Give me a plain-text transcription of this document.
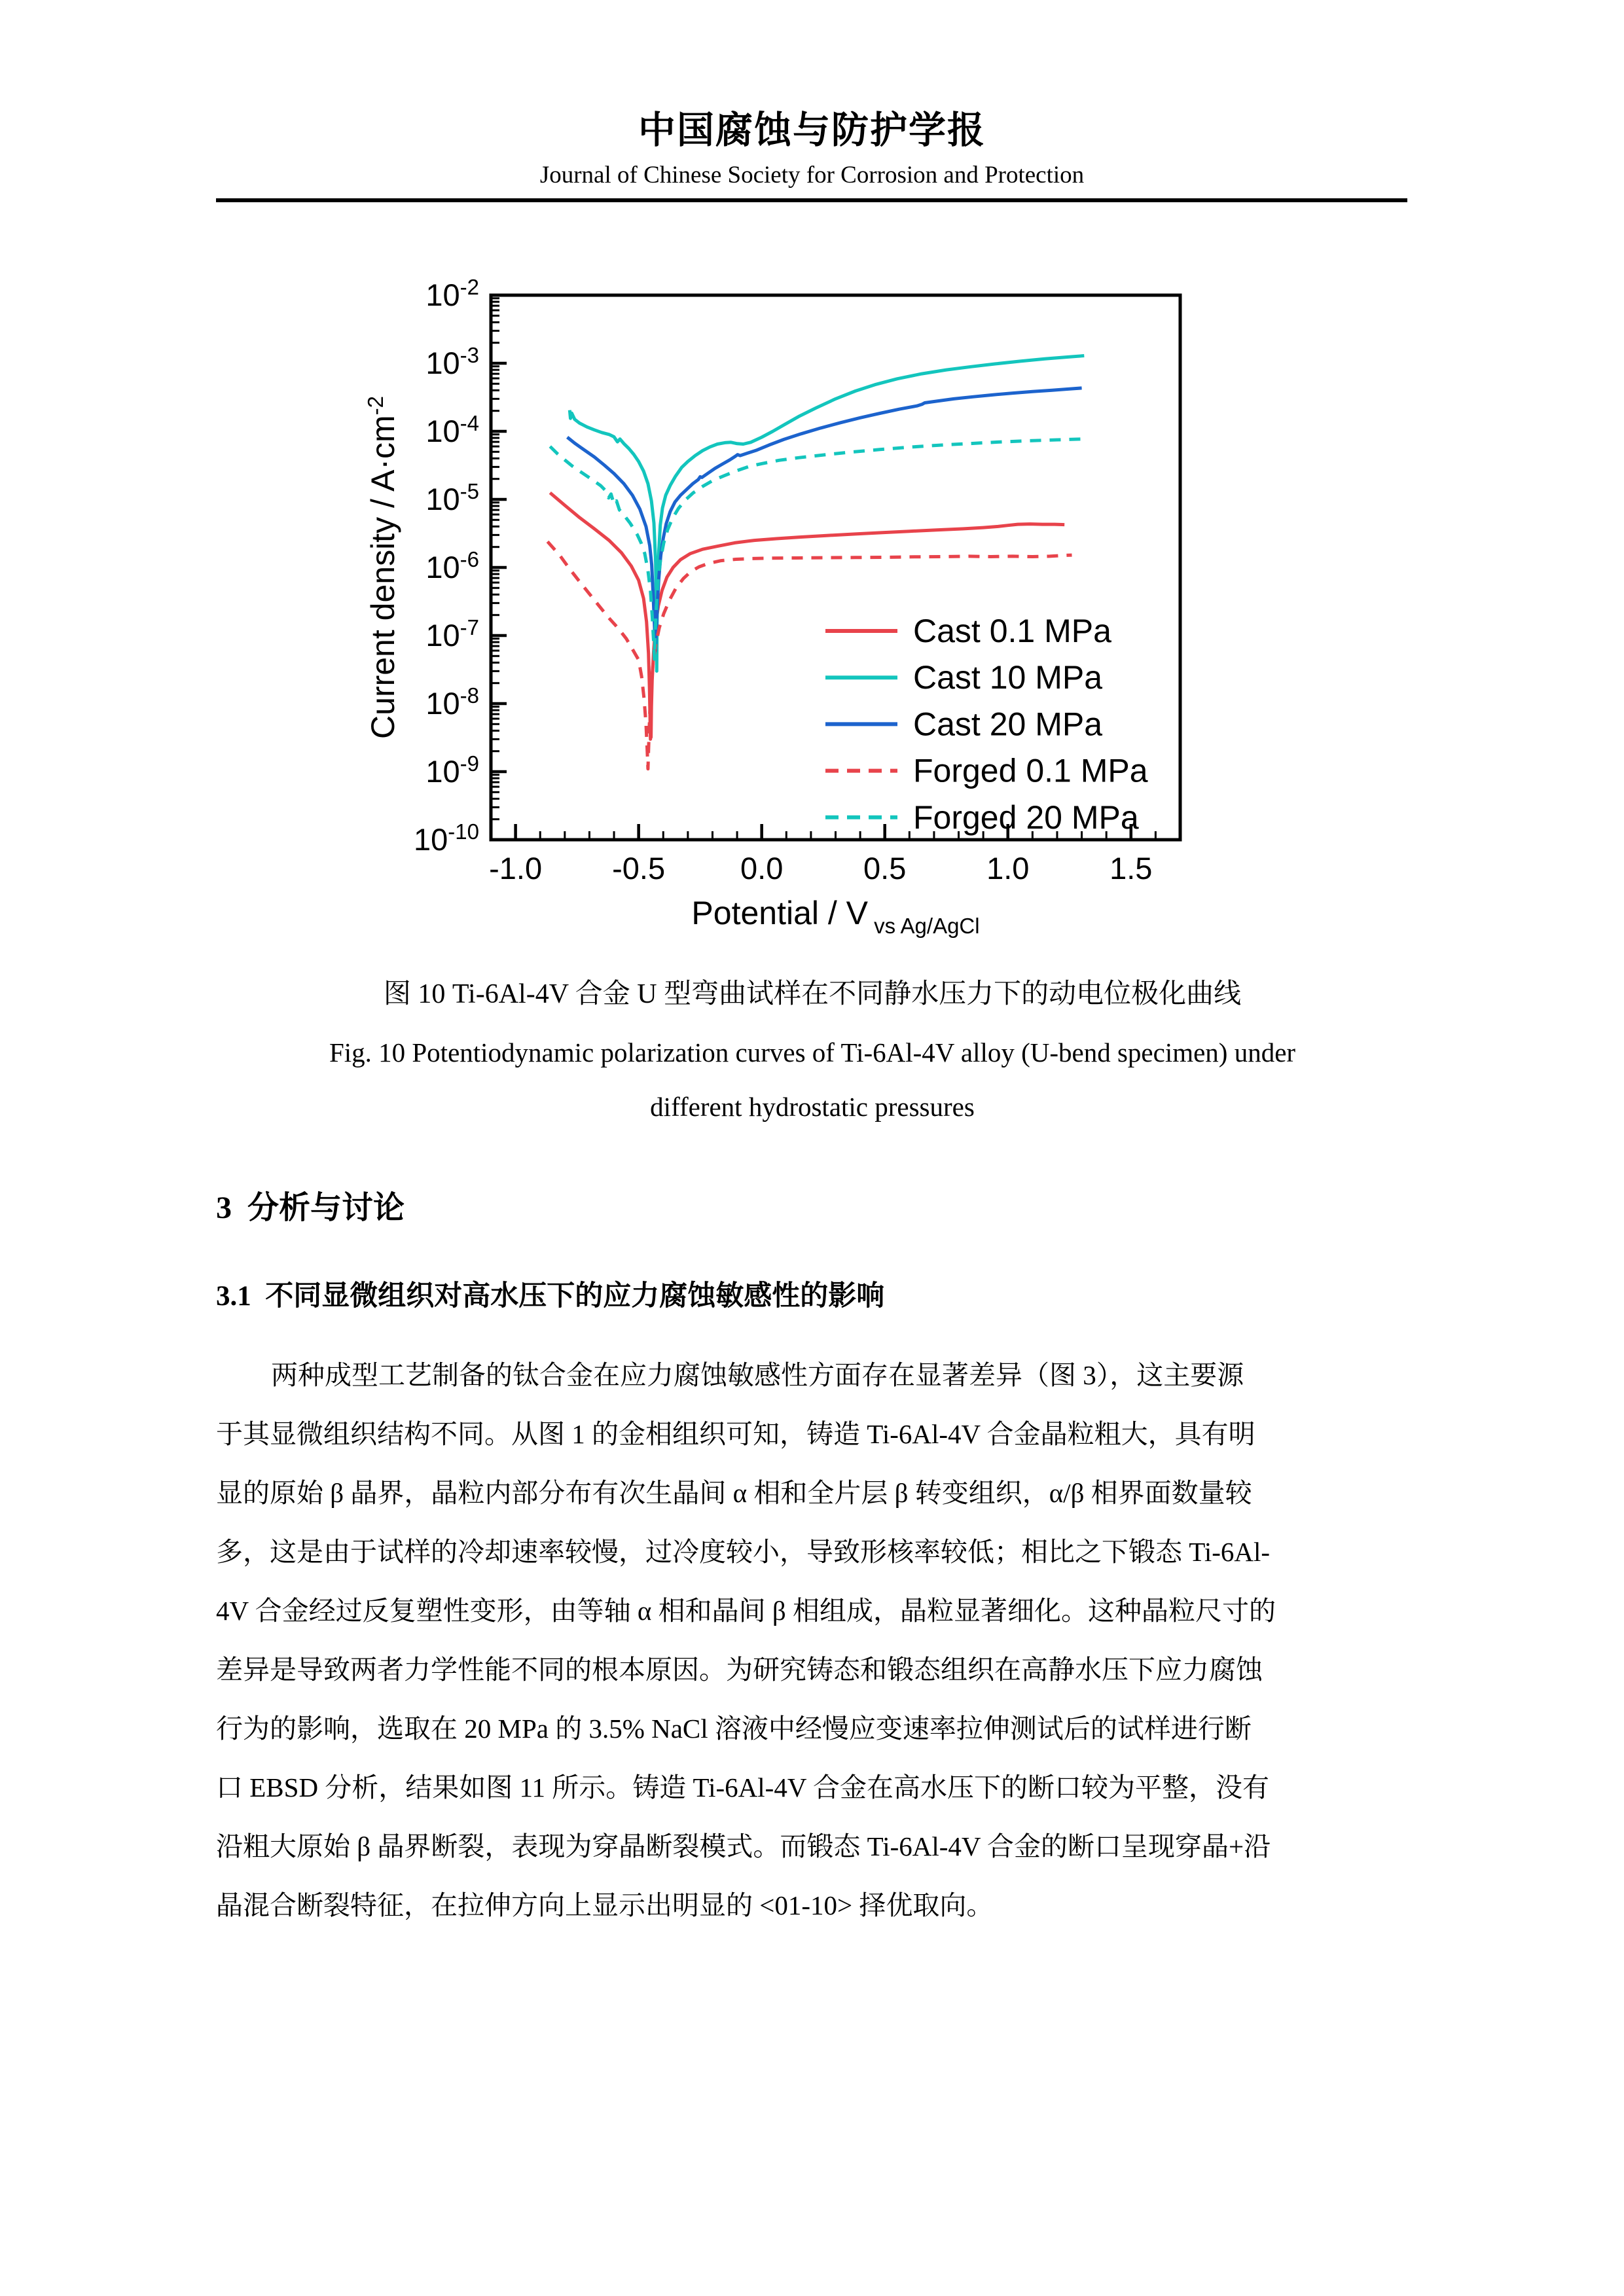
中国腐蚀与防护学报
Journal of Chinese Society for Corrosion and Protection
-1.0 -0.5 0.0	0.5	1.0	1.5
$10^{-10}$
$10^{-9}$
$10^{-8}$
$10^{-7}$
$10^{-6}$
$10^{-5}$
$10^{-4}$
$10^{-3}$
$10^{-2}$
Cast 0.1 MPa
Cast 10 MPa
Cast 20 MPa
Forged 0.1 MPa
Forged 20 MPa
Potential / V $_{vs Ag/AgCl}$
Current density / $A\cdot cm^{-2}$
图 10 Ti-6Al-4V 合金 U 型弯曲试样在不同静水压力下的动电位极化曲线
Fig. 10 Potentiodynamic polarization curves of Ti-6Al-4V alloy (U-bend specimen) under
different hydrostatic pressures
3  分析与讨论
3.1  不同显微组织对高水压下的应力腐蚀敏感性的影响
两种成型工艺制备的钛合金在应力腐蚀敏感性方面存在显著差异（图 3），这主要源
于其显微组织结构不同。从图 1 的金相组织可知，铸造 Ti-6Al-4V 合金晶粒粗大，具有明
显的原始 β 晶界，晶粒内部分布有次生晶间 α 相和全片层 β 转变组织，α/β 相界面数量较
多，这是由于试样的冷却速率较慢，过冷度较小，导致形核率较低；相比之下锻态 Ti-6Al-
4V 合金经过反复塑性变形，由等轴 α 相和晶间 β 相组成，晶粒显著细化。这种晶粒尺寸的
差异是导致两者力学性能不同的根本原因。为研究铸态和锻态组织在高静水压下应力腐蚀
行为的影响，选取在 20 MPa 的 3.5% NaCl 溶液中经慢应变速率拉伸测试后的试样进行断
口 EBSD 分析，结果如图 11 所示。铸造 Ti-6Al-4V 合金在高水压下的断口较为平整，没有
沿粗大原始 β 晶界断裂，表现为穿晶断裂模式。而锻态 Ti-6Al-4V 合金的断口呈现穿晶+沿
晶混合断裂特征，在拉伸方向上显示出明显的 <01-10> 择优取向。
